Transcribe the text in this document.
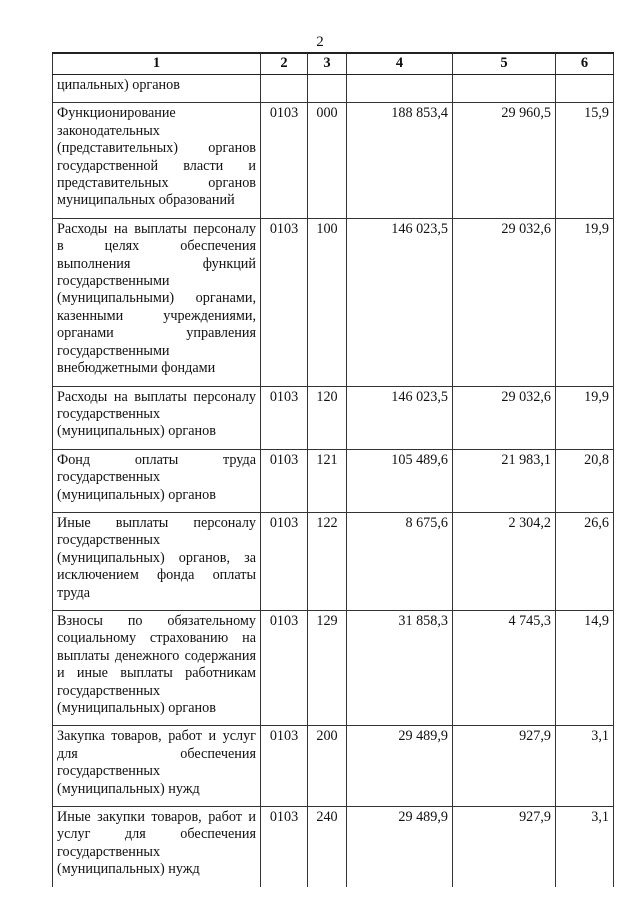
2
1	2	3	4	5	6
ципальных) органов					

Функционирование законодательных (представительных) органов государственной власти и представительных органов муниципальных образований	0103	000	188 853,4	29 960,5	15,9

Расходы на выплаты персоналу в целях обеспечения выполнения функций государственными (муниципальными) органами, казенными учреждениями, органами управления государственными внебюджетными фондами	0103	100	146 023,5	29 032,6	19,9

Расходы на выплаты персоналу государственных (муниципальных) органов	0103	120	146 023,5	29 032,6	19,9

Фонд оплаты труда государственных (муниципальных) органов	0103	121	105 489,6	21 983,1	20,8

Иные выплаты персоналу государственных (муниципальных) органов, за исключением фонда оплаты труда	0103	122	8 675,6	2 304,2	26,6

Взносы по обязательному социальному страхованию на выплаты денежного содержания и иные выплаты работникам государственных (муниципальных) органов	0103	129	31 858,3	4 745,3	14,9

Закупка товаров, работ и услуг для обеспечения государственных (муниципальных) нужд	0103	200	29 489,9	927,9	3,1

Иные закупки товаров, работ и услуг для обеспечения государственных (муниципальных) нужд	0103	240	29 489,9	927,9	3,1
